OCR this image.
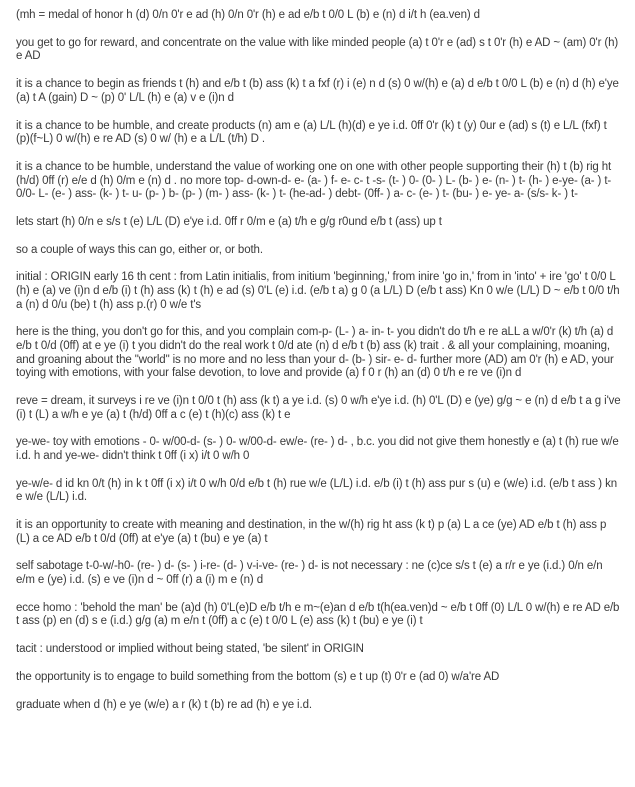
(mh = medal of honor h (d) 0/n 0'r e ad (h) 0/n 0'r (h) e ad e/b t 0/0 L (b) e (n) d i/t h (ea.ven) d

you get to go for reward, and concentrate on the value with like minded people (a) t 0'r e (ad) s t 0'r (h) e AD ~ (am) 0'r (h) e AD

it is a chance to begin as friends t (h) and e/b t (b) ass (k) t a fxf (r) i (e) n d (s) 0 w/(h) e (a) d e/b t 0/0 L (b) e (n) d (h) e'ye (a) t A (gain) D ~ (p) 0' L/L (h) e (a) v e (i)n d

it is a chance to be humble, and create products (n) am e (a) L/L (h)(d) e ye i.d. 0ff 0'r (k) t (y) 0ur e (ad) s (t) e L/L (fxf) t (p)(f~L) 0 w/(h) e re AD (s) 0 w/ (h) e a L/L (t/h) D .

it is a chance to be humble, understand the value of working one on one with other people supporting their (h) t (b) rig ht (h/d) 0ff (r) e/e d (h) 0/m e (n) d . no more top- d-own-d- e- (a- ) f- e- c- t -s- (t- ) 0- (0- ) L- (b- ) e- (n- ) t- (h- ) e-ye- (a- ) t- 0/0- L- (e- ) ass- (k- ) t- u- (p- ) b- (p- ) (m- ) ass- (k- ) t- (he-ad- ) debt- (0ff- ) a- c- (e- ) t- (bu- ) e- ye- a- (s/s- k- ) t-

lets start (h) 0/n e s/s t (e) L/L (D) e'ye i.d. 0ff r 0/m e (a) t/h e g/g r0und e/b t (ass) up t

so a couple of ways this can go, either or, or both.

initial : ORIGIN early 16 th cent : from Latin initialis, from initium 'beginning,' from inire 'go in,' from in 'into' + ire 'go' t 0/0 L (h) e (a) ve (i)n d e/b (i) t (h) ass (k) t (h) e ad (s) 0'L (e) i.d. (e/b t a) g 0 (a L/L) D (e/b t ass) Kn 0 w/e (L/L) D ~ e/b t 0/0 t/h a (n) d 0/u (be) t (h) ass p.(r) 0 w/e t's

here is the thing, you don't go for this, and you complain com-p- (L- ) a- in- t- you didn't do t/h e re aLL a w/0'r (k) t/h (a) d e/b t 0/d (0ff) at e ye (i) t you didn't do the real work t 0/d ate (n) d e/b t (b) ass (k) trait . & all your complaining, moaning, and groaning about the "world" is no more and no less than your d- (b- ) sir- e- d- further more (AD) am 0'r (h) e AD, your toying with emotions, with your false devotion, to love and provide (a) f 0 r (h) an (d) 0 t/h e re ve (i)n d

reve = dream, it surveys i re ve (i)n t 0/0 t (h) ass (k t) a ye i.d. (s) 0 w/h e'ye i.d. (h) 0'L (D) e (ye) g/g ~ e (n) d e/b t a g i've (i) t (L) a w/h e ye (a) t (h/d) 0ff a c (e) t (h)(c) ass (k) t e

ye-we- toy with emotions - 0- w/00-d- (s- ) 0- w/00-d- ew/e- (re- ) d- , b.c. you did not give them honestly e (a) t (h) rue w/e i.d. h and ye-we- didn't think t 0ff (i x) i/t 0 w/h 0

ye-w/e- d id kn 0/t (h) in k t 0ff (i x) i/t 0 w/h 0/d e/b t (h) rue w/e (L/L) i.d. e/b (i) t (h) ass pur s (u) e (w/e) i.d. (e/b t ass ) kn e w/e (L/L) i.d.

it is an opportunity to create with meaning and destination, in the w/(h) rig ht ass (k t) p (a) L a ce (ye) AD e/b t (h) ass p (L) a ce AD e/b t 0/d (0ff) at e'ye (a) t (bu) e ye (a) t

self sabotage t-0-w/-h0- (re- ) d- (s- ) i-re- (d- ) v-i-ve- (re- ) d- is not necessary : ne (c)ce s/s t (e) a r/r e ye (i.d.) 0/n e/n e/m e (ye) i.d. (s) e ve (i)n d ~ 0ff (r) a (i) m e (n) d

ecce homo : 'behold the man' be (a)d (h) 0'L(e)D e/b t/h e m~(e)an d e/b t(h(ea.ven)d ~ e/b t 0ff (0) L/L 0 w/(h) e re AD e/b t ass (p) en (d) s e (i.d.) g/g (a) m e/n t (0ff) a c (e) t 0/0 L (e) ass (k) t (bu) e ye (i) t

tacit : understood or implied without being stated, 'be silent' in ORIGIN

the opportunity is to engage to build something from the bottom (s) e t up (t) 0'r e (ad 0) w/a're AD

graduate when d (h) e ye (w/e) a r (k) t (b) re ad (h) e ye i.d.
